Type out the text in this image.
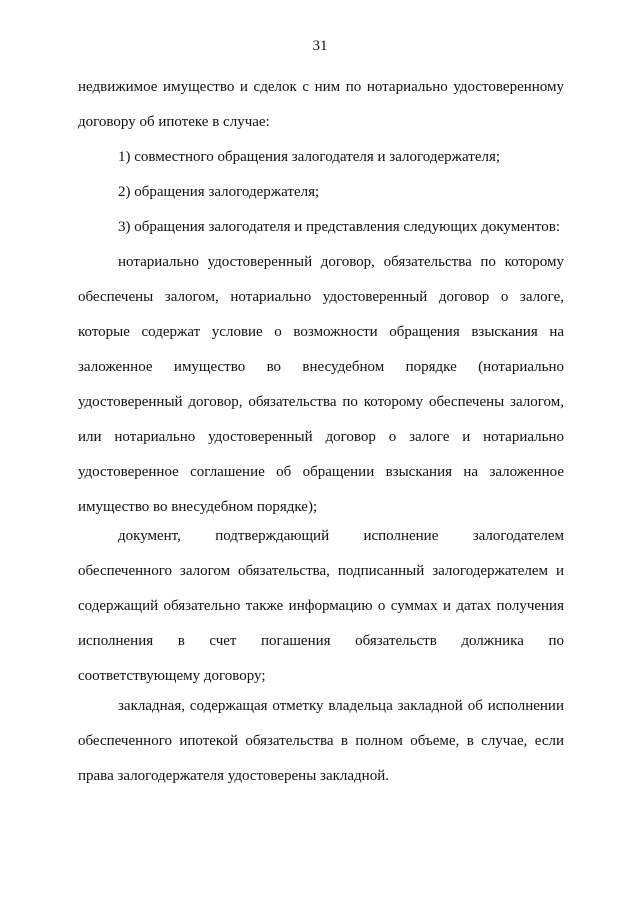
31
недвижимое имущество и сделок с ним по нотариально удостоверенному
договору об ипотеке в случае:
1) совместного обращения залогодателя и залогодержателя;
2) обращения залогодержателя;
3) обращения залогодателя и представления следующих документов:
нотариально удостоверенный договор, обязательства по которому
обеспечены залогом, нотариально удостоверенный договор о залоге,
которые содержат условие о возможности обращения взыскания на
заложенное имущество во внесудебном порядке (нотариально
удостоверенный договор, обязательства по которому обеспечены залогом,
или нотариально удостоверенный договор о залоге и нотариально
удостоверенное соглашение об обращении взыскания на заложенное
имущество во внесудебном порядке);
документ, подтверждающий исполнение залогодателем
обеспеченного залогом обязательства, подписанный залогодержателем и
содержащий обязательно также информацию о суммах и датах получения
исполнения в счет погашения обязательств должника по
соответствующему договору;
закладная, содержащая отметку владельца закладной об исполнении
обеспеченного ипотекой обязательства в полном объеме, в случае, если
права залогодержателя удостоверены закладной.
